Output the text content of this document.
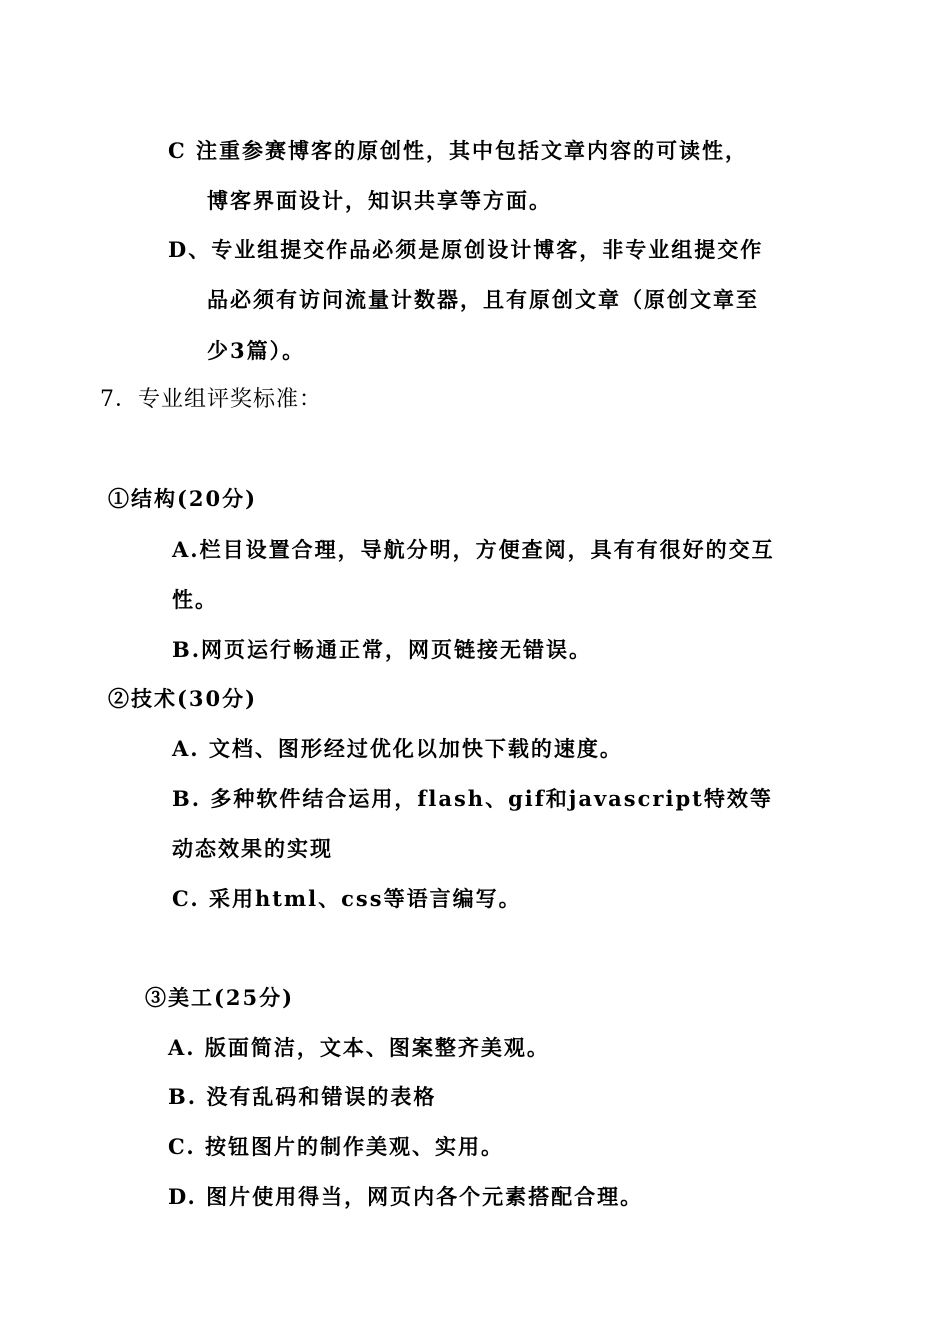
C 注重参赛博客的原创性，其中包括文章内容的可读性，
博客界面设计，知识共享等方面。
D、专业组提交作品必须是原创设计博客，非专业组提交作
品必须有访问流量计数器，且有原创文章（原创文章至
少3篇）。
7．专业组评奖标准：
①结构(20分)
A.栏目设置合理，导航分明，方便查阅，具有有很好的交互
性。
B.网页运行畅通正常，网页链接无错误。
②技术(30分)
A. 文档、图形经过优化以加快下载的速度。
B. 多种软件结合运用，flash、gif和javascript特效等
动态效果的实现
C. 采用html、css等语言编写。
③美工(25分)
A. 版面简洁，文本、图案整齐美观。
B. 没有乱码和错误的表格
C. 按钮图片的制作美观、实用。
D. 图片使用得当，网页内各个元素搭配合理。
